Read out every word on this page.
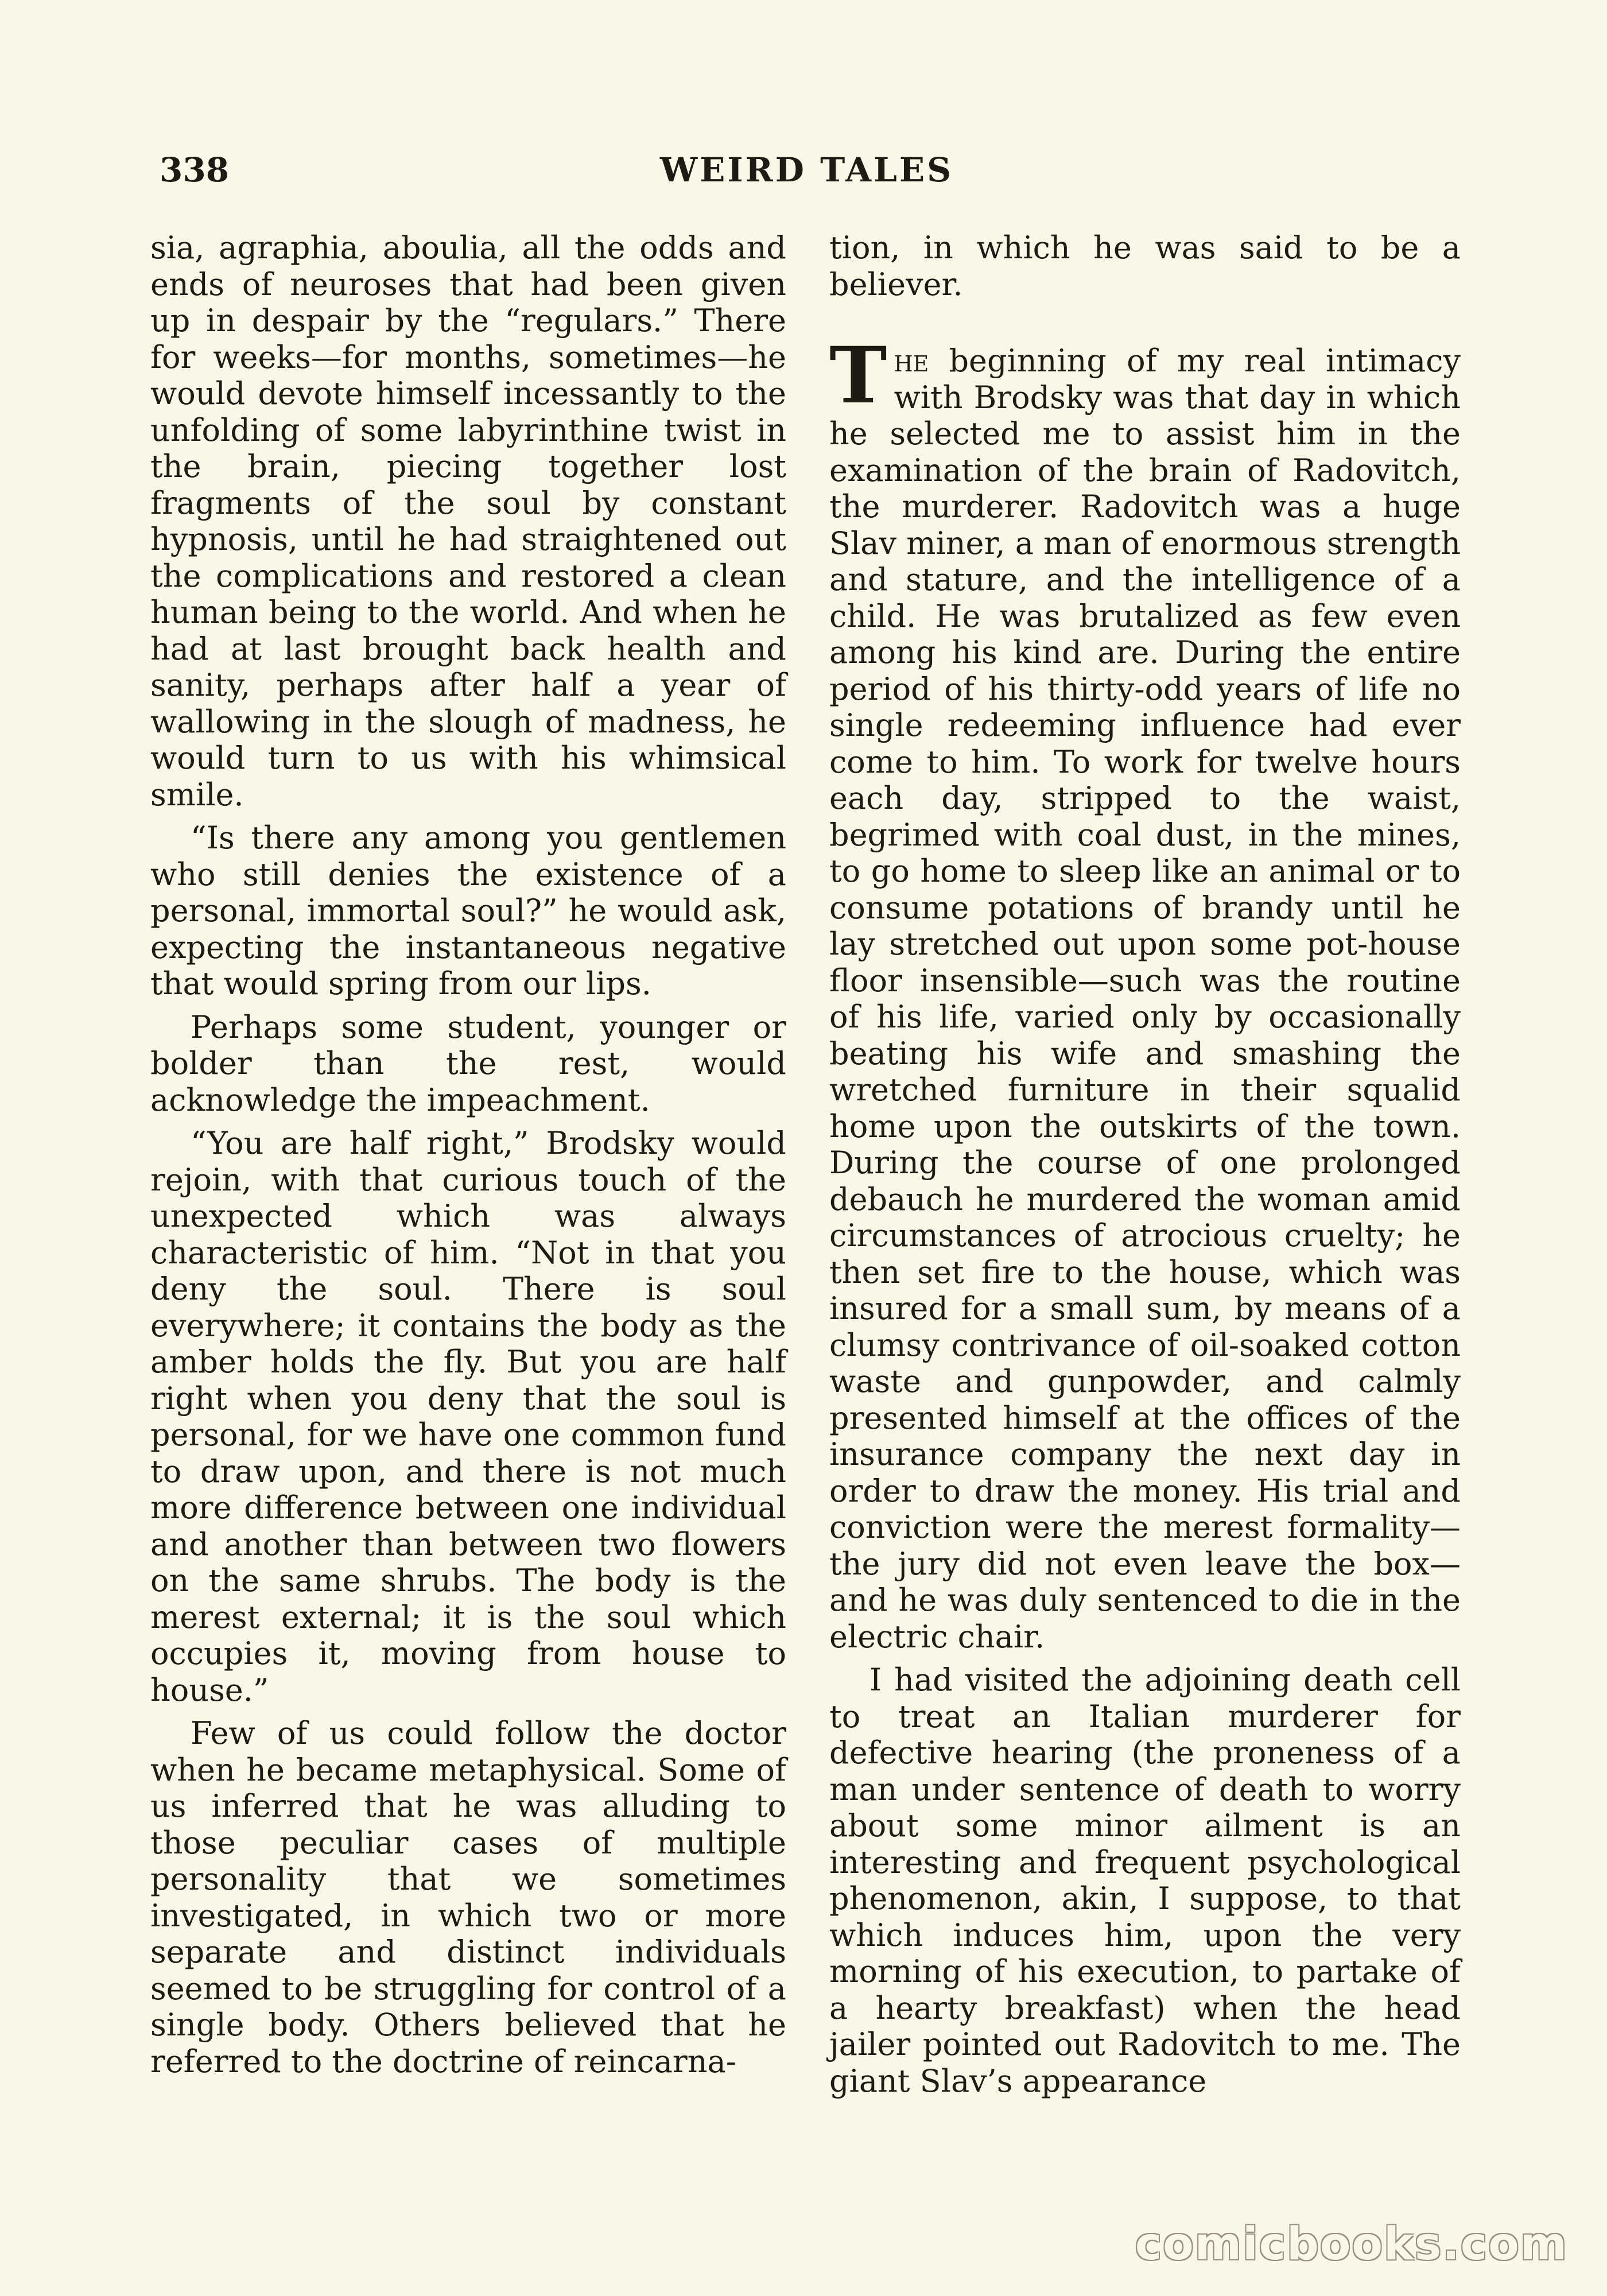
338	WEIRD TALES

sia, agraphia, aboulia, all the odds and ends of neuroses that had been given up in despair by the “regulars.” There for weeks—for months, sometimes—he would devote himself incessantly to the unfolding of some labyrinthine twist in the brain, piecing together lost fragments of the soul by constant hypnosis, until he had straightened out the complications and restored a clean human being to the world. And when he had at last brought back health and sanity, perhaps after half a year of wallowing in the slough of madness, he would turn to us with his whimsical smile.

“Is there any among you gentlemen who still denies the existence of a personal, immortal soul?” he would ask, expecting the instantaneous negative that would spring from our lips.

Perhaps some student, younger or bolder than the rest, would acknowledge the impeachment.

“You are half right,” Brodsky would rejoin, with that curious touch of the unexpected which was always characteristic of him. “Not in that you deny the soul. There is soul everywhere; it contains the body as the amber holds the fly. But you are half right when you deny that the soul is personal, for we have one common fund to draw upon, and there is not much more difference between one individual and another than between two flowers on the same shrubs. The body is the merest external; it is the soul which occupies it, moving from house to house.”

Few of us could follow the doctor when he became metaphysical. Some of us inferred that he was alluding to those peculiar cases of multiple personality that we sometimes investigated, in which two or more separate and distinct individuals seemed to be struggling for control of a single body. Others believed that he referred to the doctrine of reincarna-

tion, in which he was said to be a believer.

The beginning of my real intimacy with Brodsky was that day in which he selected me to assist him in the examination of the brain of Radovitch, the murderer. Radovitch was a huge Slav miner, a man of enormous strength and stature, and the intelligence of a child. He was brutalized as few even among his kind are. During the entire period of his thirty-odd years of life no single redeeming influence had ever come to him. To work for twelve hours each day, stripped to the waist, begrimed with coal dust, in the mines, to go home to sleep like an animal or to consume potations of brandy until he lay stretched out upon some pot-house floor insensible—such was the routine of his life, varied only by occasionally beating his wife and smashing the wretched furniture in their squalid home upon the outskirts of the town. During the course of one prolonged debauch he murdered the woman amid circumstances of atrocious cruelty; he then set fire to the house, which was insured for a small sum, by means of a clumsy contrivance of oil-soaked cotton waste and gunpowder, and calmly presented himself at the offices of the insurance company the next day in order to draw the money. His trial and conviction were the merest formality—the jury did not even leave the box—and he was duly sentenced to die in the electric chair.

I had visited the adjoining death cell to treat an Italian murderer for defective hearing (the proneness of a man under sentence of death to worry about some minor ailment is an interesting and frequent psychological phenomenon, akin, I suppose, to that which induces him, upon the very morning of his execution, to partake of a hearty breakfast) when the head jailer pointed out Radovitch to me. The giant Slav’s appearance

comicbooks.com
